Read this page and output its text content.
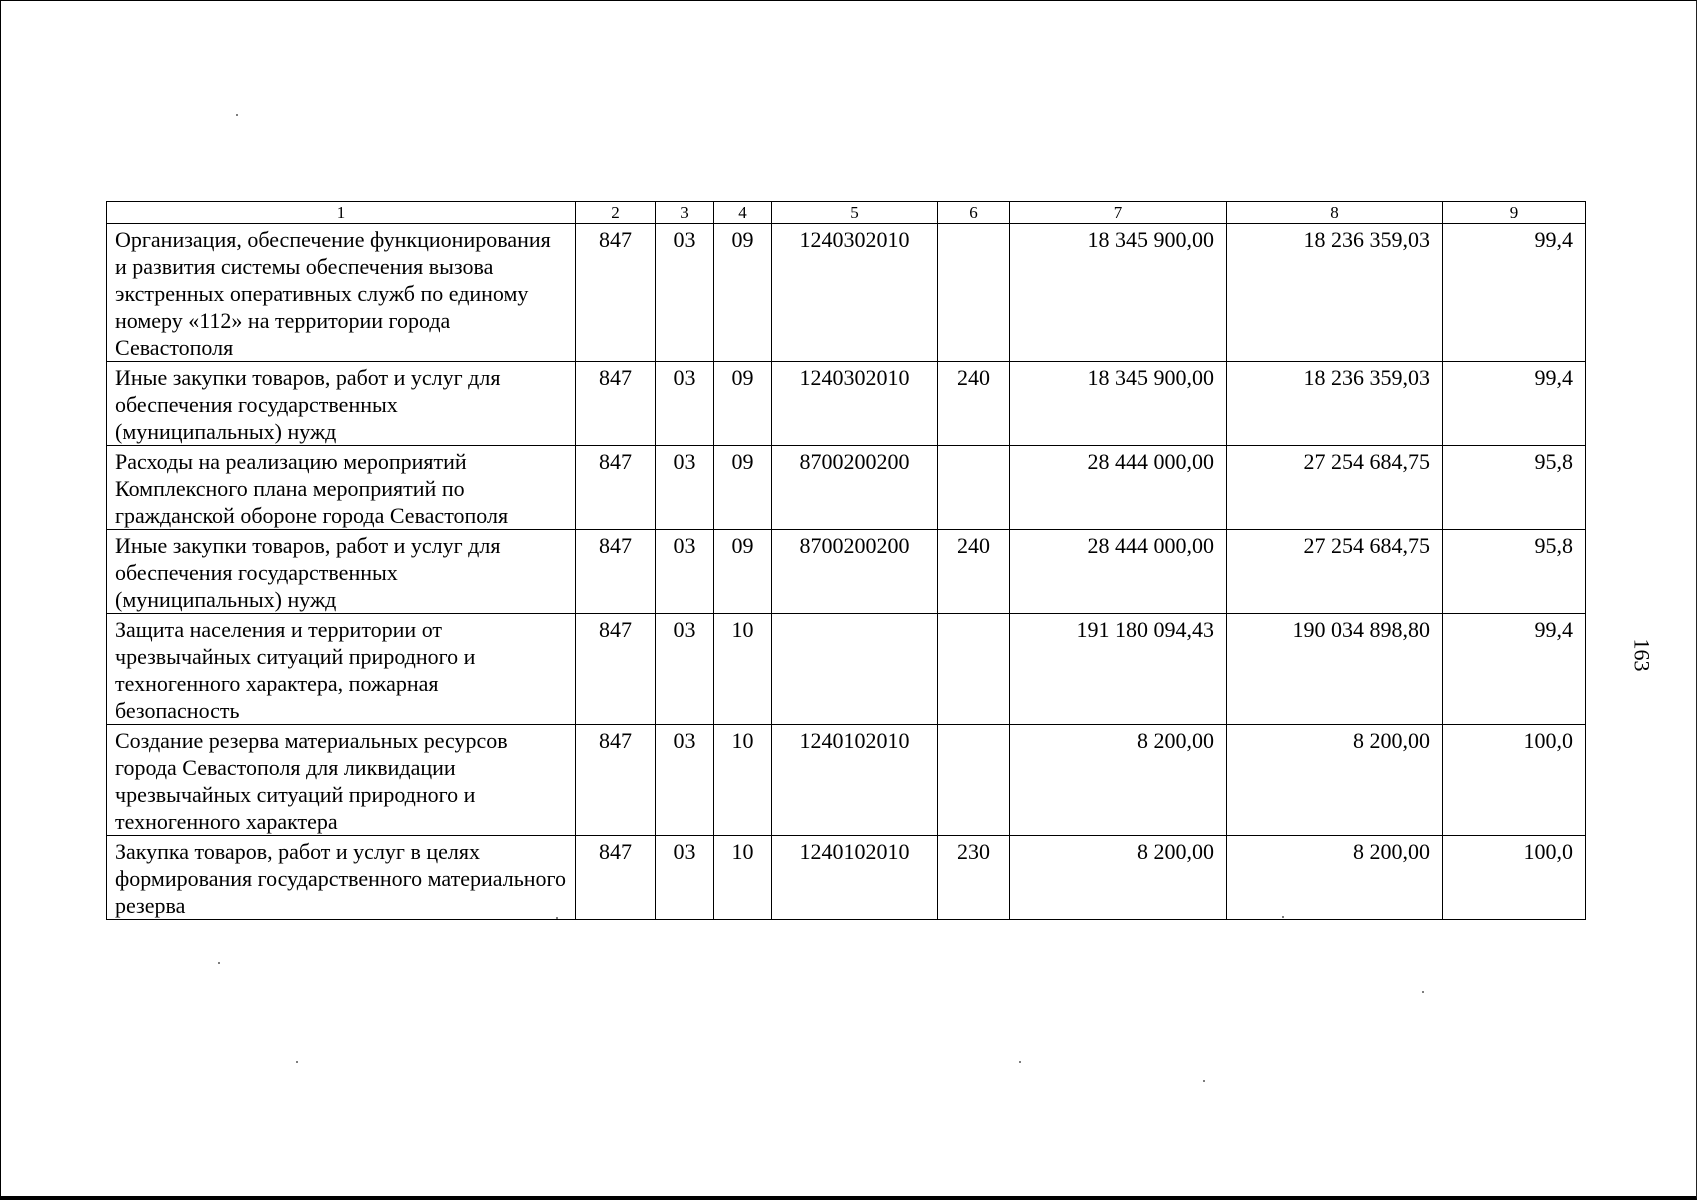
1	2	3	4	5	6	7	8	9
Организация, обеспечение функционирования и развития системы обеспечения вызова экстренных оперативных служб по единому номеру «112» на территории города Севастополя	847	03	09	1240302010		18 345 900,00	18 236 359,03	99,4
Иные закупки товаров, работ и услуг для обеспечения государственных (муниципальных) нужд	847	03	09	1240302010	240	18 345 900,00	18 236 359,03	99,4
Расходы на реализацию мероприятий Комплексного плана мероприятий по гражданской обороне города Севастополя	847	03	09	8700200200		28 444 000,00	27 254 684,75	95,8
Иные закупки товаров, работ и услуг для обеспечения государственных (муниципальных) нужд	847	03	09	8700200200	240	28 444 000,00	27 254 684,75	95,8
Защита населения и территории от чрезвычайных ситуаций природного и техногенного характера, пожарная безопасность	847	03	10			191 180 094,43	190 034 898,80	99,4
Создание резерва материальных ресурсов города Севастополя для ликвидации чрезвычайных ситуаций природного и техногенного характера	847	03	10	1240102010		8 200,00	8 200,00	100,0
Закупка товаров, работ и услуг в целях формирования государственного материального резерва	847	03	10	1240102010	230	8 200,00	8 200,00	100,0
163
